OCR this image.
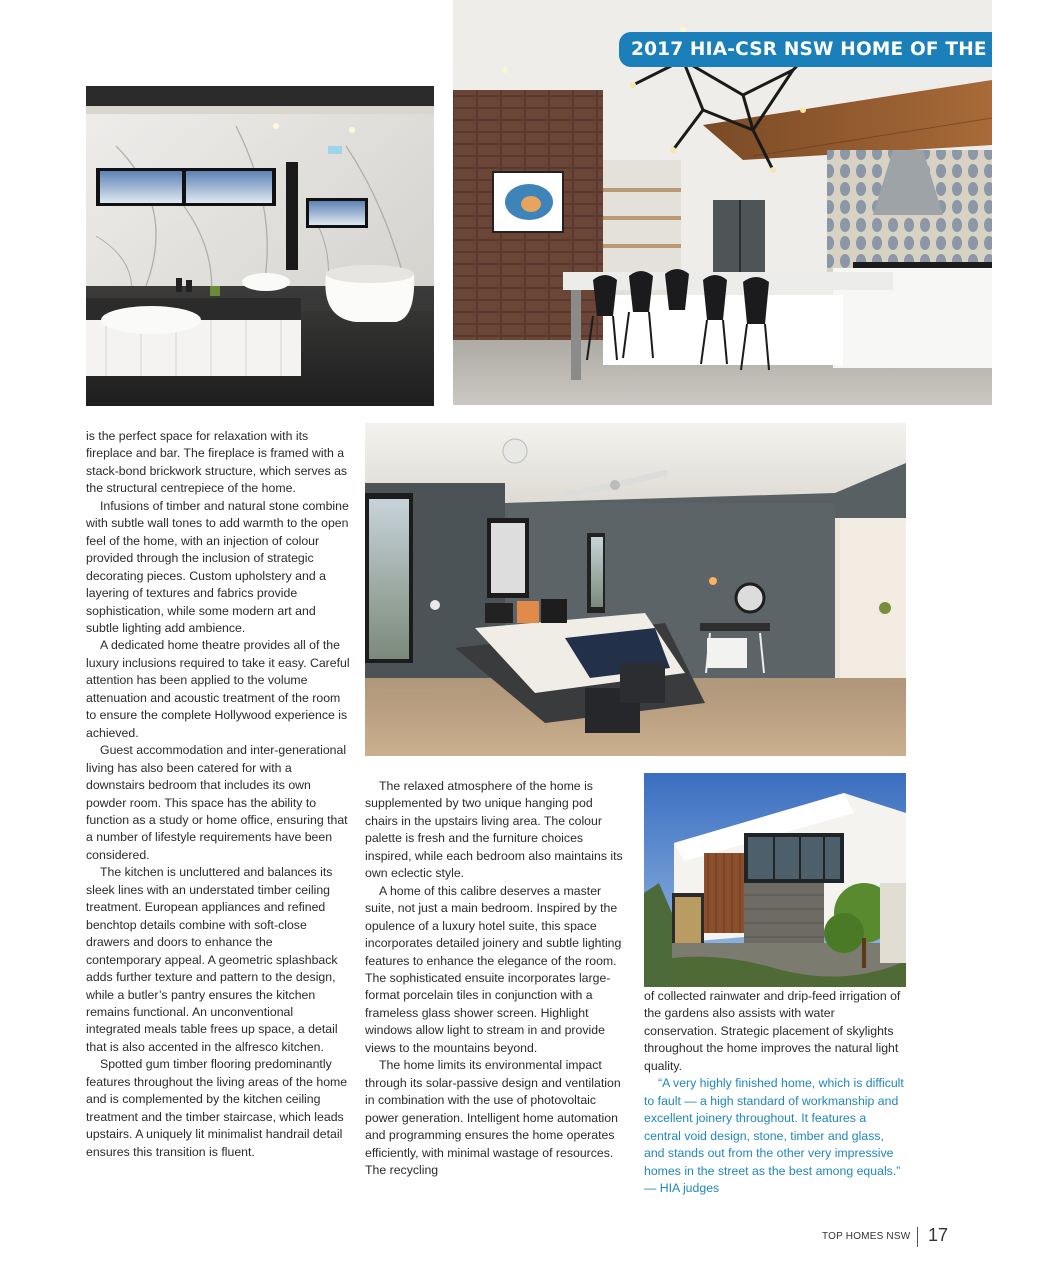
2017 HIA-CSR NSW HOME OF THE YEAR

is the perfect space for relaxation with its fireplace and bar. The fireplace is framed with a stack-bond brickwork structure, which serves as the structural centrepiece of the home.

Infusions of timber and natural stone combine with subtle wall tones to add warmth to the open feel of the home, with an injection of colour provided through the inclusion of strategic decorating pieces. Custom upholstery and a layering of textures and fabrics provide sophistication, while some modern art and subtle lighting add ambience.

A dedicated home theatre provides all of the luxury inclusions required to take it easy. Careful attention has been applied to the volume attenuation and acoustic treatment of the room to ensure the complete Hollywood experience is achieved.

Guest accommodation and inter-generational living has also been catered for with a downstairs bedroom that includes its own powder room. This space has the ability to function as a study or home office, ensuring that a number of lifestyle requirements have been considered.

The kitchen is uncluttered and balances its sleek lines with an understated timber ceiling treatment. European appliances and refined benchtop details combine with soft-close drawers and doors to enhance the contemporary appeal. A geometric splashback adds further texture and pattern to the design, while a butler’s pantry ensures the kitchen remains functional. An unconventional integrated meals table frees up space, a detail that is also accented in the alfresco kitchen.

Spotted gum timber flooring predominantly features throughout the living areas of the home and is complemented by the kitchen ceiling treatment and the timber staircase, which leads upstairs. A uniquely lit minimalist handrail detail ensures this transition is fluent.

The relaxed atmosphere of the home is supplemented by two unique hanging pod chairs in the upstairs living area. The colour palette is fresh and the furniture choices inspired, while each bedroom also maintains its own eclectic style.

A home of this calibre deserves a master suite, not just a main bedroom. Inspired by the opulence of a luxury hotel suite, this space incorporates detailed joinery and subtle lighting features to enhance the elegance of the room. The sophisticated ensuite incorporates large-format porcelain tiles in conjunction with a frameless glass shower screen. Highlight windows allow light to stream in and provide views to the mountains beyond.

The home limits its environmental impact through its solar-passive design and ventilation in combination with the use of photovoltaic power generation. Intelligent home automation and programming ensures the home operates efficiently, with minimal wastage of resources. The recycling

of collected rainwater and drip-feed irrigation of the gardens also assists with water conservation. Strategic placement of skylights throughout the home improves the natural light quality.

“A very highly finished home, which is difficult to fault — a high standard of workmanship and excellent joinery throughout. It features a central void design, stone, timber and glass, and stands out from the other very impressive homes in the street as the best among equals.” — HIA judges

TOP HOMES NSW 17
